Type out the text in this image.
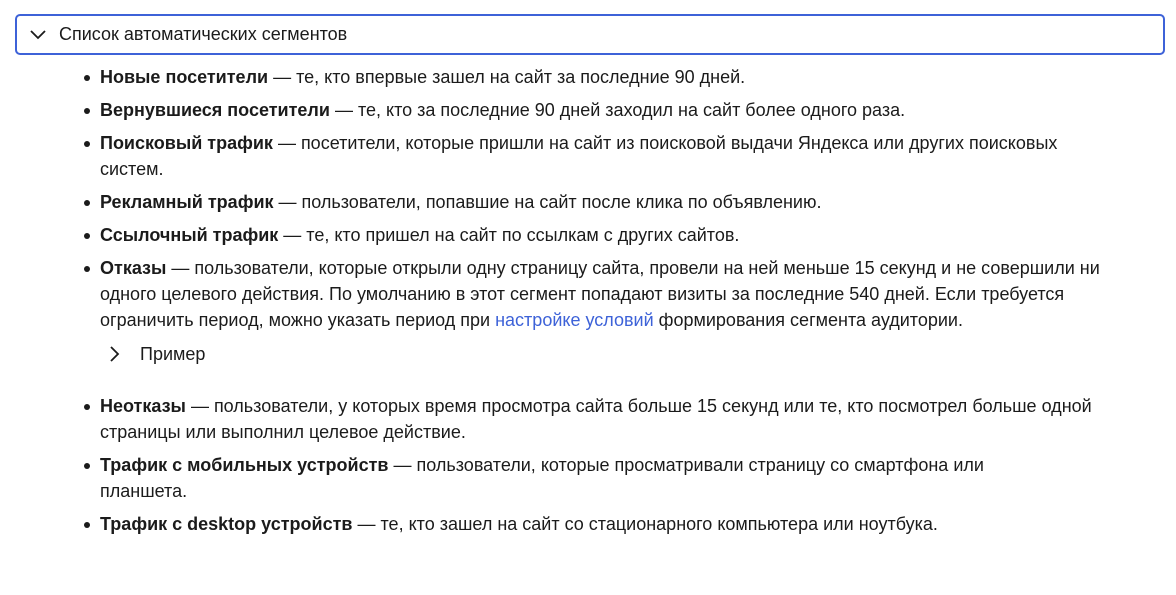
Список автоматических сегментов
Новые посетители — те, кто впервые зашел на сайт за последние 90 дней.
Вернувшиеся посетители — те, кто за последние 90 дней заходил на сайт более одного раза.
Поисковый трафик — посетители, которые пришли на сайт из поисковой выдачи Яндекса или других поисковых систем.
Рекламный трафик — пользователи, попавшие на сайт после клика по объявлению.
Ссылочный трафик — те, кто пришел на сайт по ссылкам с других сайтов.
Отказы — пользователи, которые открыли одну страницу сайта, провели на ней меньше 15 секунд и не совершили ни одного целевого действия. По умолчанию в этот сегмент попадают визиты за последние 540 дней. Если требуется ограничить период, можно указать период при настройке условий формирования сегмента аудитории.
Пример
Неотказы — пользователи, у которых время просмотра сайта больше 15 секунд или те, кто посмотрел больше одной страницы или выполнил целевое действие.
Трафик с мобильных устройств — пользователи, которые просматривали страницу со смартфона или планшета.
Трафик с desktop устройств — те, кто зашел на сайт со стационарного компьютера или ноутбука.
